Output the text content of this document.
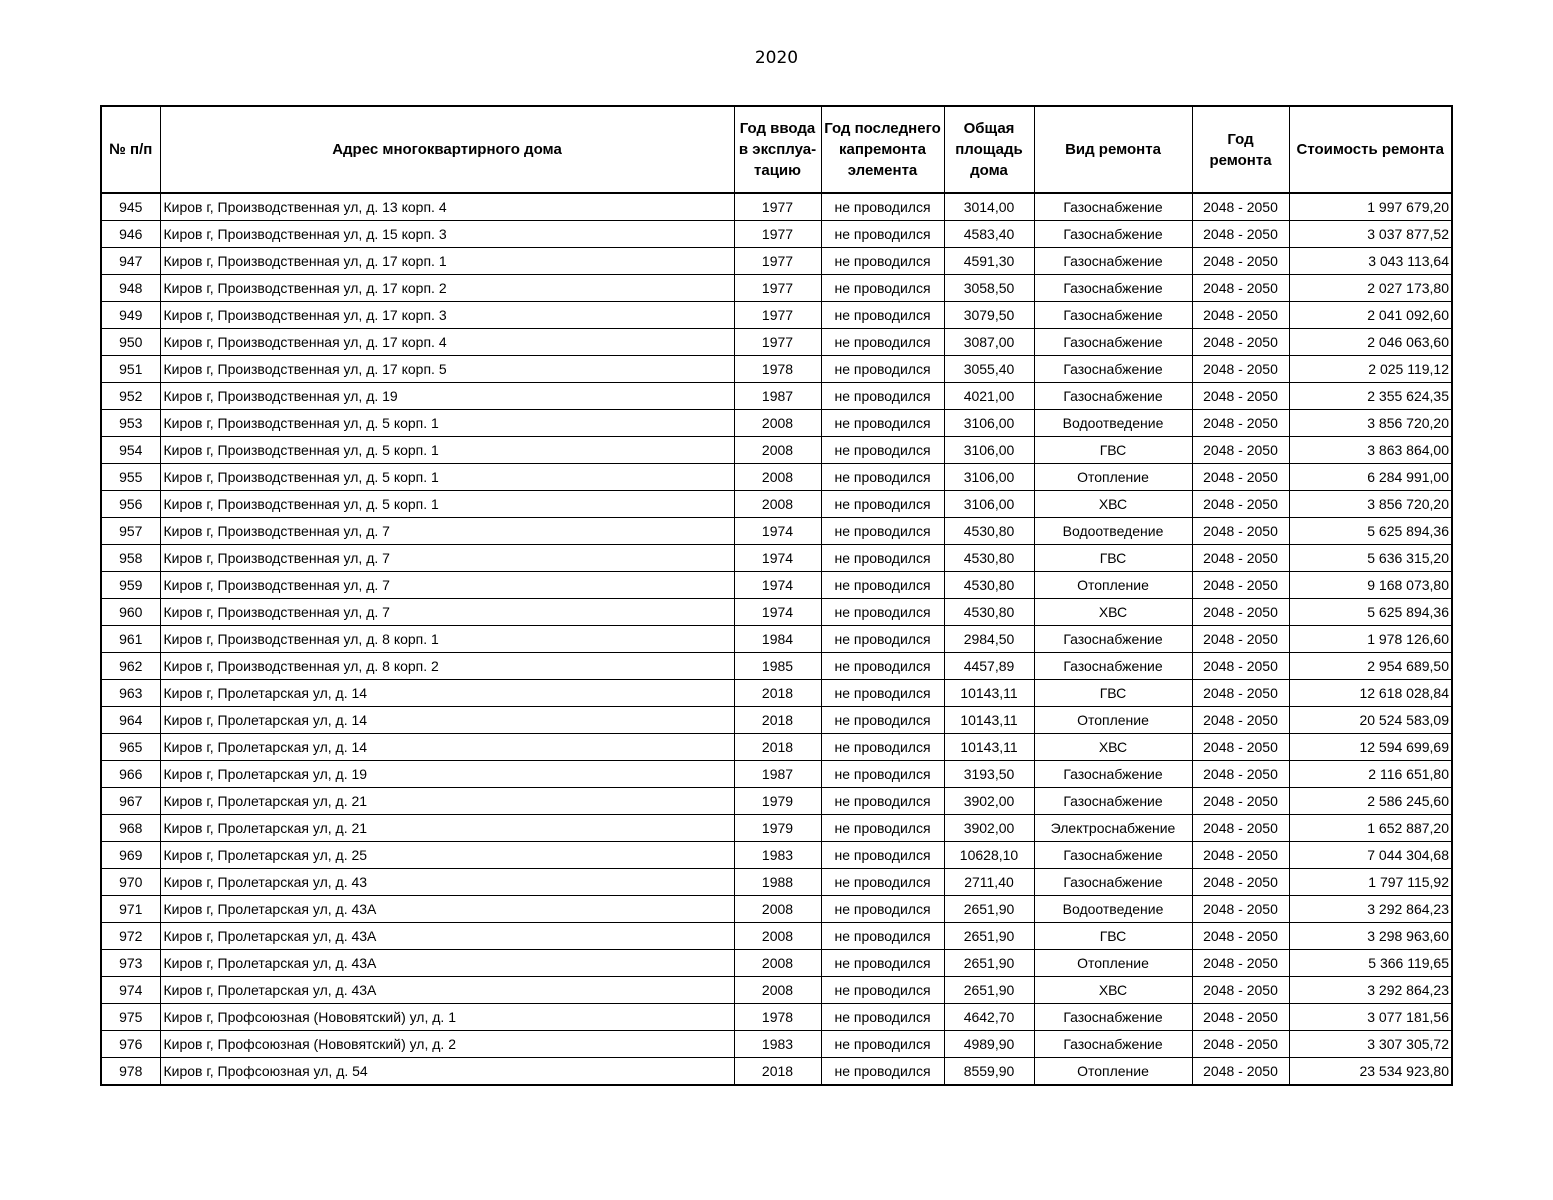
2020
№ п/п	Адрес многоквартирного дома	Год ввода в эксплуа-тацию	Год последнего капремонта элемента	Общая площадь дома	Вид ремонта	Год ремонта	Стоимость ремонта
945	Киров г, Производственная ул, д. 13 корп. 4	1977	не проводился	3014,00	Газоснабжение	2048 - 2050	1 997 679,20
946	Киров г, Производственная ул, д. 15 корп. 3	1977	не проводился	4583,40	Газоснабжение	2048 - 2050	3 037 877,52
947	Киров г, Производственная ул, д. 17 корп. 1	1977	не проводился	4591,30	Газоснабжение	2048 - 2050	3 043 113,64
948	Киров г, Производственная ул, д. 17 корп. 2	1977	не проводился	3058,50	Газоснабжение	2048 - 2050	2 027 173,80
949	Киров г, Производственная ул, д. 17 корп. 3	1977	не проводился	3079,50	Газоснабжение	2048 - 2050	2 041 092,60
950	Киров г, Производственная ул, д. 17 корп. 4	1977	не проводился	3087,00	Газоснабжение	2048 - 2050	2 046 063,60
951	Киров г, Производственная ул, д. 17 корп. 5	1978	не проводился	3055,40	Газоснабжение	2048 - 2050	2 025 119,12
952	Киров г, Производственная ул, д. 19	1987	не проводился	4021,00	Газоснабжение	2048 - 2050	2 355 624,35
953	Киров г, Производственная ул, д. 5 корп. 1	2008	не проводился	3106,00	Водоотведение	2048 - 2050	3 856 720,20
954	Киров г, Производственная ул, д. 5 корп. 1	2008	не проводился	3106,00	ГВС	2048 - 2050	3 863 864,00
955	Киров г, Производственная ул, д. 5 корп. 1	2008	не проводился	3106,00	Отопление	2048 - 2050	6 284 991,00
956	Киров г, Производственная ул, д. 5 корп. 1	2008	не проводился	3106,00	ХВС	2048 - 2050	3 856 720,20
957	Киров г, Производственная ул, д. 7	1974	не проводился	4530,80	Водоотведение	2048 - 2050	5 625 894,36
958	Киров г, Производственная ул, д. 7	1974	не проводился	4530,80	ГВС	2048 - 2050	5 636 315,20
959	Киров г, Производственная ул, д. 7	1974	не проводился	4530,80	Отопление	2048 - 2050	9 168 073,80
960	Киров г, Производственная ул, д. 7	1974	не проводился	4530,80	ХВС	2048 - 2050	5 625 894,36
961	Киров г, Производственная ул, д. 8 корп. 1	1984	не проводился	2984,50	Газоснабжение	2048 - 2050	1 978 126,60
962	Киров г, Производственная ул, д. 8 корп. 2	1985	не проводился	4457,89	Газоснабжение	2048 - 2050	2 954 689,50
963	Киров г, Пролетарская ул, д. 14	2018	не проводился	10143,11	ГВС	2048 - 2050	12 618 028,84
964	Киров г, Пролетарская ул, д. 14	2018	не проводился	10143,11	Отопление	2048 - 2050	20 524 583,09
965	Киров г, Пролетарская ул, д. 14	2018	не проводился	10143,11	ХВС	2048 - 2050	12 594 699,69
966	Киров г, Пролетарская ул, д. 19	1987	не проводился	3193,50	Газоснабжение	2048 - 2050	2 116 651,80
967	Киров г, Пролетарская ул, д. 21	1979	не проводился	3902,00	Газоснабжение	2048 - 2050	2 586 245,60
968	Киров г, Пролетарская ул, д. 21	1979	не проводился	3902,00	Электроснабжение	2048 - 2050	1 652 887,20
969	Киров г, Пролетарская ул, д. 25	1983	не проводился	10628,10	Газоснабжение	2048 - 2050	7 044 304,68
970	Киров г, Пролетарская ул, д. 43	1988	не проводился	2711,40	Газоснабжение	2048 - 2050	1 797 115,92
971	Киров г, Пролетарская ул, д. 43А	2008	не проводился	2651,90	Водоотведение	2048 - 2050	3 292 864,23
972	Киров г, Пролетарская ул, д. 43А	2008	не проводился	2651,90	ГВС	2048 - 2050	3 298 963,60
973	Киров г, Пролетарская ул, д. 43А	2008	не проводился	2651,90	Отопление	2048 - 2050	5 366 119,65
974	Киров г, Пролетарская ул, д. 43А	2008	не проводился	2651,90	ХВС	2048 - 2050	3 292 864,23
975	Киров г, Профсоюзная (Нововятский) ул, д. 1	1978	не проводился	4642,70	Газоснабжение	2048 - 2050	3 077 181,56
976	Киров г, Профсоюзная (Нововятский) ул, д. 2	1983	не проводился	4989,90	Газоснабжение	2048 - 2050	3 307 305,72
978	Киров г, Профсоюзная ул, д. 54	2018	не проводился	8559,90	Отопление	2048 - 2050	23 534 923,80
